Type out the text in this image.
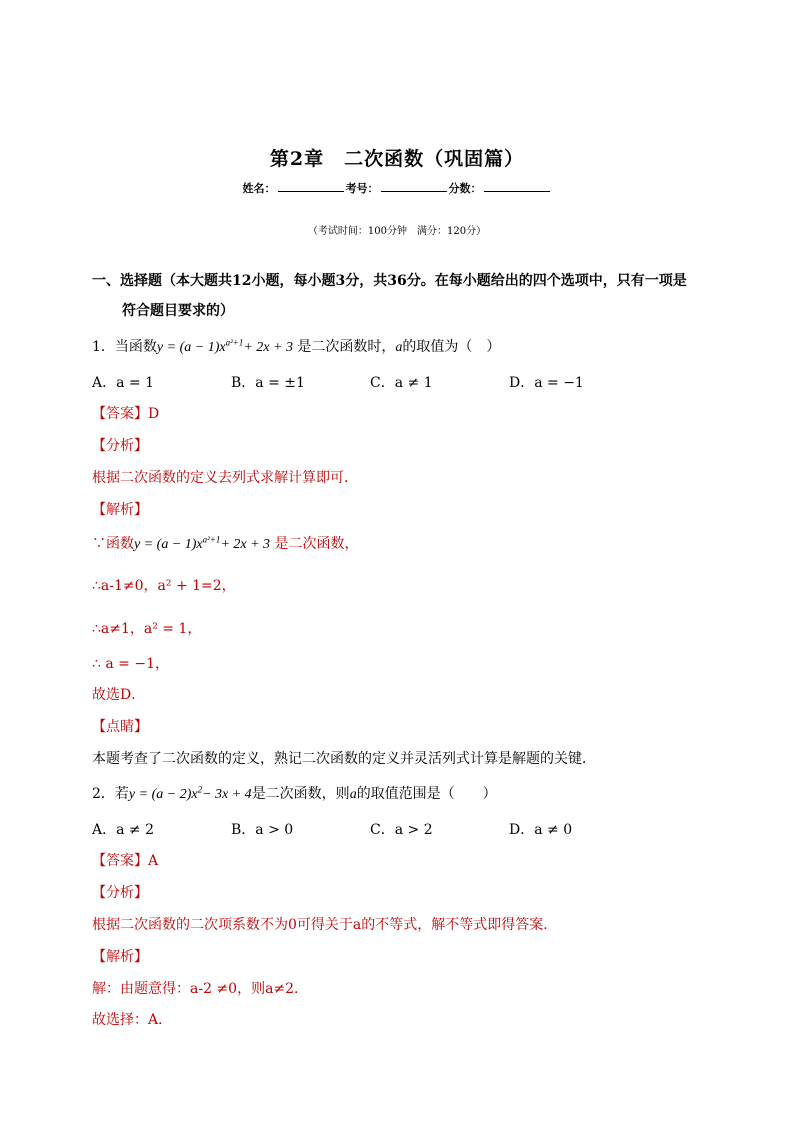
第2章　二次函数（巩固篇）
姓名：	考号：	分数：
（考试时间：100分钟　满分：120分）
一、选择题（本大题共12小题，每小题3分，共36分。在每小题给出的四个选项中，只有一项是
符合题目要求的）
1．当函数$y = (a - 1)x^{a^2+1}+ 2x + 3$ 是二次函数时，a的取值为（　）
A．a = 1	B．a = ±1	C．a ≠ 1	D．a = −1
【答案】D
【分析】
根据二次函数的定义去列式求解计算即可．
【解析】
∵函数$y = (a - 1)x^{a^2+1}+ 2x + 3$ 是二次函数，
∴a-1≠0，a² + 1=2，
∴a≠1，a² = 1，
∴ a = −1，
故选D．
【点睛】
本题考查了二次函数的定义，熟记二次函数的定义并灵活列式计算是解题的关键．
2．若$y = (a - 2)x^2- 3x + 4$是二次函数，则a的取值范围是（　　）
A．a ≠ 2	B．a > 0	C．a > 2	D．a ≠ 0
【答案】A
【分析】
根据二次函数的二次项系数不为0可得关于a的不等式，解不等式即得答案．
【解析】
解：由题意得：a-2 ≠0，则a≠2．
故选择：A．
